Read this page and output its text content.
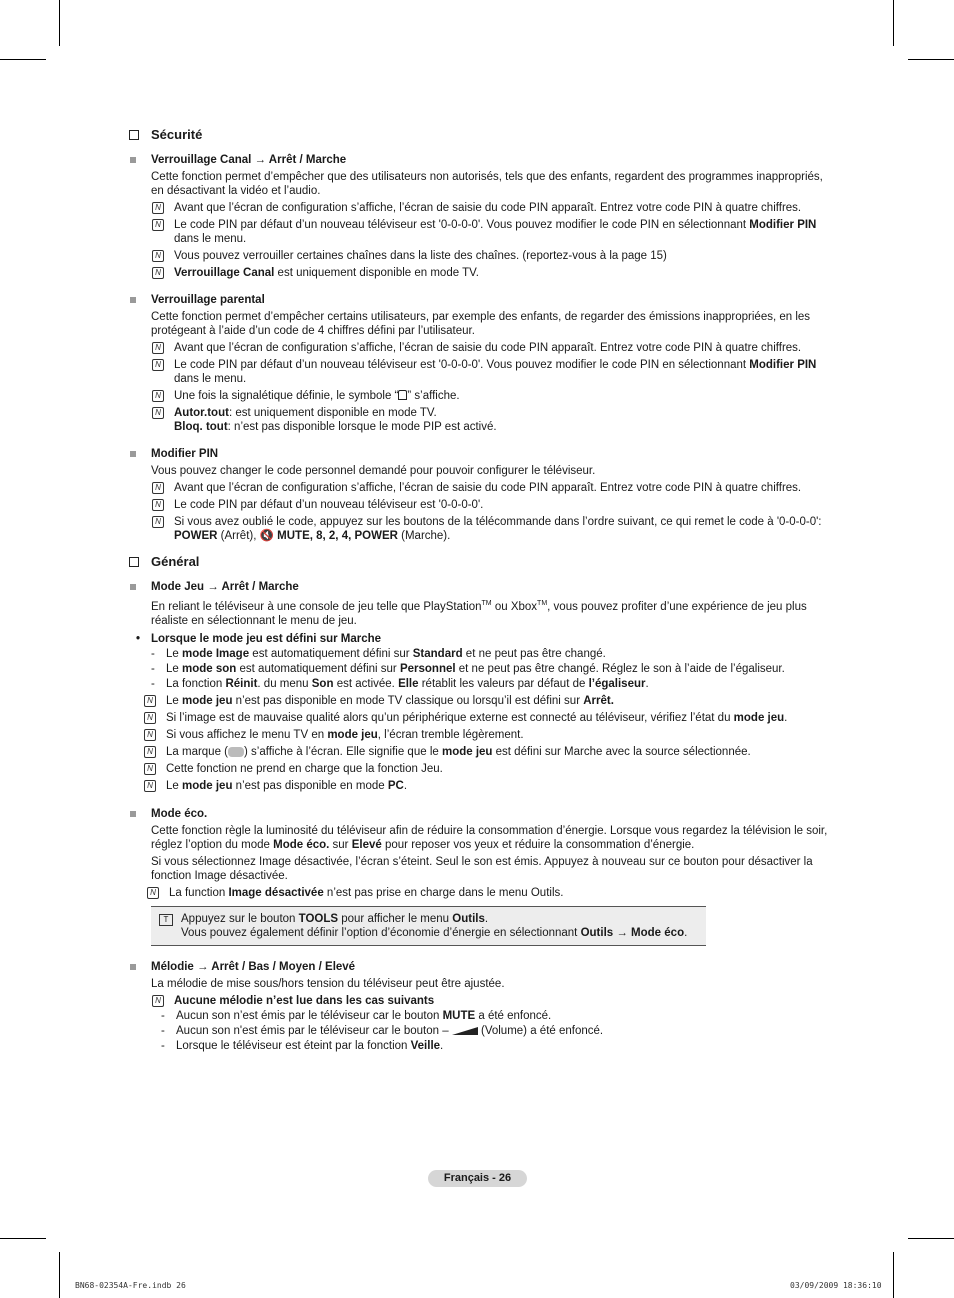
Sécurité
Verrouillage Canal → Arrêt / Marche
Cette fonction permet d’empêcher que des utilisateurs non autorisés, tels que des enfants, regardent des programmes inappropriés, en désactivant la vidéo et l’audio.
N Avant que l’écran de configuration s’affiche, l’écran de saisie du code PIN apparaît. Entrez votre code PIN à quatre chiffres.
N Le code PIN par défaut d’un nouveau téléviseur est '0-0-0-0'. Vous pouvez modifier le code PIN en sélectionnant Modifier PIN dans le menu.
N Vous pouvez verrouiller certaines chaînes dans la liste des chaînes. (reportez-vous à la page 15)
N Verrouillage Canal est uniquement disponible en mode TV.
Verrouillage parental
Cette fonction permet d’empêcher certains utilisateurs, par exemple des enfants, de regarder des émissions inappropriées, en les protégeant à l’aide d’un code de 4 chiffres défini par l’utilisateur.
N Avant que l’écran de configuration s’affiche, l’écran de saisie du code PIN apparaît. Entrez votre code PIN à quatre chiffres.
N Le code PIN par défaut d’un nouveau téléviseur est '0-0-0-0'. Vous pouvez modifier le code PIN en sélectionnant Modifier PIN dans le menu.
N Une fois la signalétique définie, le symbole “ ” s’affiche.
N Autor.tout: est uniquement disponible en mode TV.
Bloq. tout: n’est pas disponible lorsque le mode PIP est activé.
Modifier PIN
Vous pouvez changer le code personnel demandé pour pouvoir configurer le téléviseur.
N Avant que l’écran de configuration s’affiche, l’écran de saisie du code PIN apparaît. Entrez votre code PIN à quatre chiffres.
N Le code PIN par défaut d’un nouveau téléviseur est '0-0-0-0'.
N Si vous avez oublié le code, appuyez sur les boutons de la télécommande dans l’ordre suivant, ce qui remet le code à '0-0-0-0': POWER (Arrêt), 🔇 MUTE, 8, 2, 4, POWER (Marche).
Général
Mode Jeu → Arrêt / Marche
En reliant le téléviseur à une console de jeu telle que PlayStation™ ou Xbox™, vous pouvez profiter d’une expérience de jeu plus réaliste en sélectionnant le menu de jeu.
• Lorsque le mode jeu est défini sur Marche
- Le mode Image est automatiquement défini sur Standard et ne peut pas être changé.
- Le mode son est automatiquement défini sur Personnel et ne peut pas être changé. Réglez le son à l’aide de l’égaliseur.
- La fonction Réinit. du menu Son est activée. Elle rétablit les valeurs par défaut de l’égaliseur.
N Le mode jeu n’est pas disponible en mode TV classique ou lorsqu’il est défini sur Arrêt.
N Si l’image est de mauvaise qualité alors qu’un périphérique externe est connecté au téléviseur, vérifiez l’état du mode jeu.
N Si vous affichez le menu TV en mode jeu, l’écran tremble légèrement.
N La marque ( ) s’affiche à l’écran. Elle signifie que le mode jeu est défini sur Marche avec la source sélectionnée.
N Cette fonction ne prend en charge que la fonction Jeu.
N Le mode jeu n’est pas disponible en mode PC.
Mode éco.
Cette fonction règle la luminosité du téléviseur afin de réduire la consommation d’énergie. Lorsque vous regardez la télévision le soir, réglez l’option du mode Mode éco. sur Elevé pour reposer vos yeux et réduire la consommation d’énergie.
Si vous sélectionnez Image désactivée, l’écran s’éteint. Seul le son est émis. Appuyez à nouveau sur ce bouton pour désactiver la fonction Image désactivée.
N La function Image désactivée n’est pas prise en charge dans le menu Outils.
T	Appuyez sur le bouton TOOLS pour afficher le menu Outils.
Vous pouvez également définir l’option d’économie d’énergie en sélectionnant Outils → Mode éco.
Mélodie → Arrêt / Bas / Moyen / Elevé
La mélodie de mise sous/hors tension du téléviseur peut être ajustée.
N Aucune mélodie n’est lue dans les cas suivants
- Aucun son n’est émis par le téléviseur car le bouton MUTE a été enfoncé.
- Aucun son n'est émis par le téléviseur car le bouton –  (Volume) a été enfoncé.
- Lorsque le téléviseur est éteint par la fonction Veille.
Français - 26
BN68-02354A-Fre.indb 26	03/09/2009 18:36:10
